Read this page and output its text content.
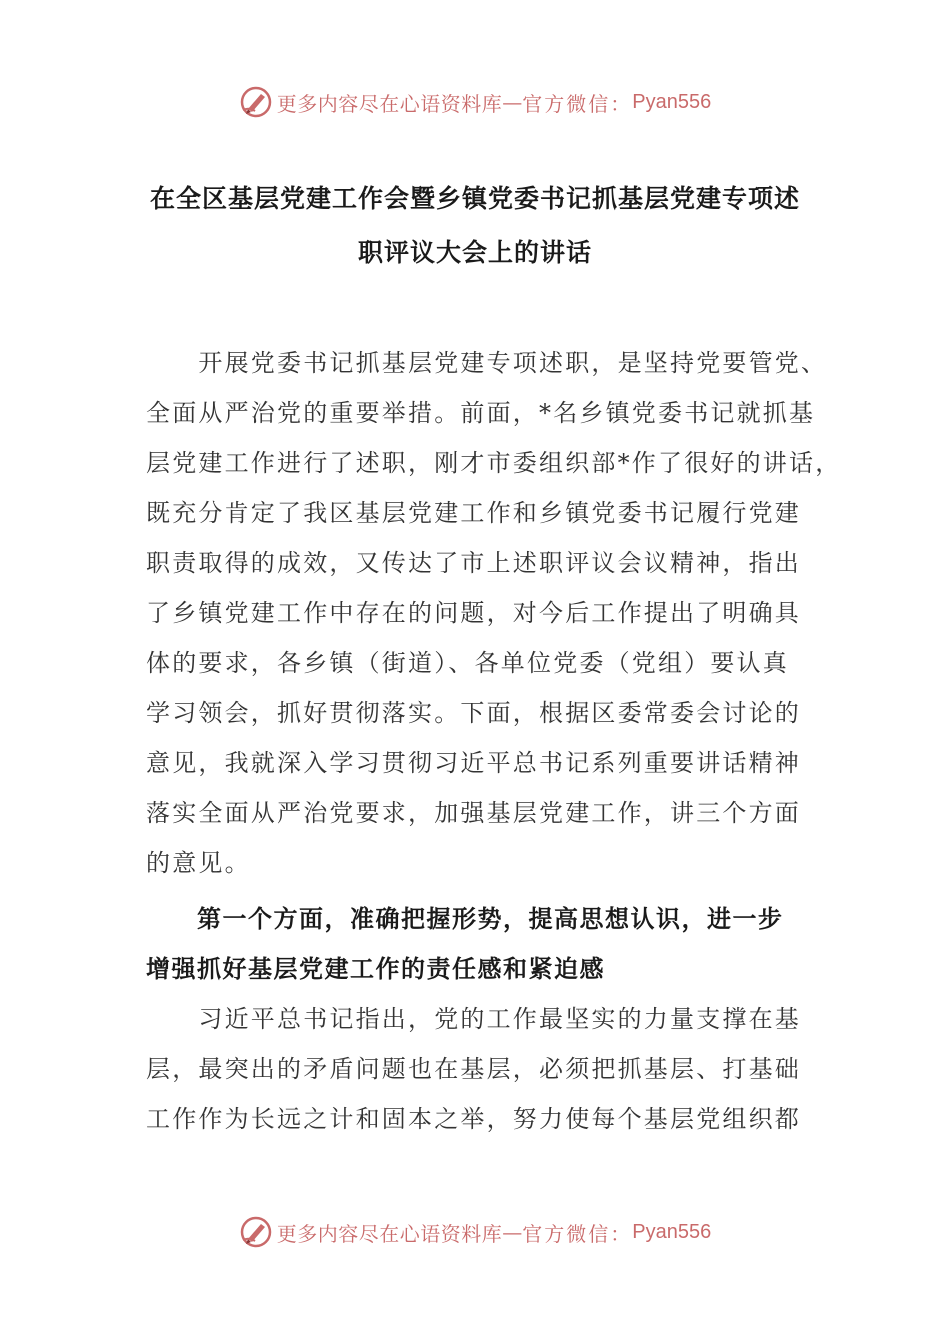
更多内容尽在心语资料库 — 官方微信： Pyan556
在全区基层党建工作会暨乡镇党委书记抓基层党建专项述
职评议大会上的讲话

　　开展党委书记抓基层党建专项述职，是坚持党要管党、
全面从严治党的重要举措。前面，*名乡镇党委书记就抓基
层党建工作进行了述职，刚才市委组织部*作了很好的讲话，
既充分肯定了我区基层党建工作和乡镇党委书记履行党建
职责取得的成效，又传达了市上述职评议会议精神，指出
了乡镇党建工作中存在的问题，对今后工作提出了明确具
体的要求，各乡镇（街道）、各单位党委（党组）要认真
学习领会，抓好贯彻落实。下面，根据区委常委会讨论的
意见，我就深入学习贯彻习近平总书记系列重要讲话精神
落实全面从严治党要求，加强基层党建工作，讲三个方面
的意见。

　　第一个方面，准确把握形势，提高思想认识，进一步
增强抓好基层党建工作的责任感和紧迫感

　　习近平总书记指出，党的工作最坚实的力量支撑在基
层，最突出的矛盾问题也在基层，必须把抓基层、打基础
工作作为长远之计和固本之举，努力使每个基层党组织都

更多内容尽在心语资料库 — 官方微信： Pyan556
